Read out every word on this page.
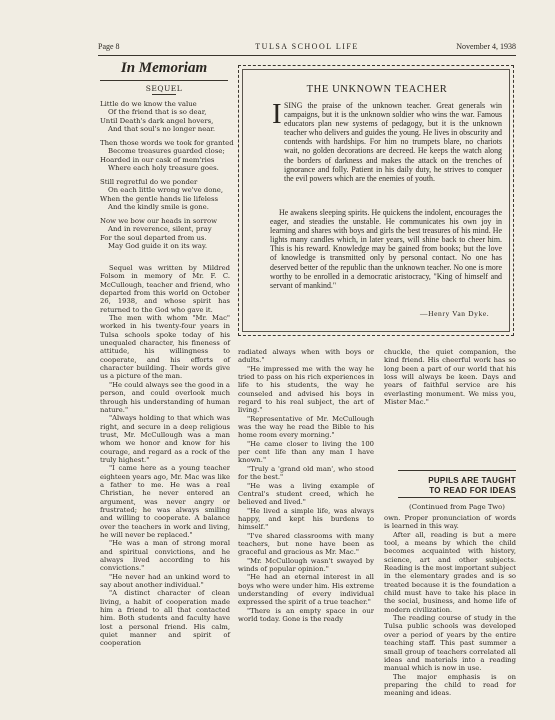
Page 8	TULSA SCHOOL LIFE	November 4, 1938
In Memoriam
SEQUEL
Little do we know the value
Of the friend that is so dear,
Until Death's dark angel hovers,
And that soul's no longer near.
Then those words we took for granted
Become treasures guarded close;
Hoarded in our cask of mem'ries
Where each holy treasure goes.
Still regretful do we ponder
On each little wrong we've done,
When the gentle hands lie lifeless
And the kindly smile is gone.
Now we bow our heads in sorrow
And in reverence, silent, pray
For the soul departed from us.
May God guide it on its way.

Sequel was written by Mildred Folsom in memory of Mr. F. C. McCullough, teacher and friend, who departed from this world on October 26, 1938, and whose spirit has returned to the God who gave it.

The men with whom "Mr. Mac" worked in his twenty-four years in Tulsa schools spoke today of his unequaled character, his fineness of attitude, his willingness to cooperate, and his efforts of character building. Their words give us a picture of the man.

"He could always see the good in a person, and could overlook much through his understanding of human nature."

"Always holding to that which was right, and secure in a deep religious trust, Mr. McCullough was a man whom we honor and know for his courage, and regard as a rock of the truly highest."

"I came here as a young teacher eighteen years ago, Mr. Mac was like a father to me. He was a real Christian, he never entered an argument, was never angry or frustrated; he was always smiling and willing to cooperate. A balance over the teachers in work and living, he will never be replaced."

"He was a man of strong moral and spiritual convictions, and he always lived according to his convictions."

"He never had an unkind word to say about another individual."

"A distinct character of clean living, a habit of cooperation made him a friend to all that contacted him. Both students and faculty have lost a personal friend. His calm, quiet manner and spirit of cooperation

THE UNKNOWN TEACHER
I SING the praise of the unknown teacher. Great generals win campaigns, but it is the unknown soldier who wins the war. Famous educators plan new systems of pedagogy, but it is the unknown teacher who delivers and guides the young. He lives in obscurity and contends with hardships. For him no trumpets blare, no chariots wait, no golden decorations are decreed. He keeps the watch along the borders of darkness and makes the attack on the trenches of ignorance and folly. Patient in his daily duty, he strives to conquer the evil powers which are the enemies of youth.

He awakens sleeping spirits. He quickens the indolent, encourages the eager, and steadies the unstable. He communicates his own joy in learning and shares with boys and girls the best treasures of his mind. He lights many candles which, in later years, will shine back to cheer him. This is his reward. Knowledge may be gained from books; but the love of knowledge is transmitted only by personal contact. No one has deserved better of the republic than the unknown teacher. No one is more worthy to be enrolled in a democratic aristocracy, "King of himself and servant of mankind."

—Henry Van Dyke.

radiated always when with boys or adults."

"He impressed me with the way he tried to pass on his rich experiences in life to his students, the way he counseled and advised his boys in regard to his real subject, the art of living."

"Representative of Mr. McCullough was the way he read the Bible to his home room every morning."

"He came closer to living the 100 per cent life than any man I have known."

"Truly a 'grand old man', who stood for the best."

"He was a living example of Central's student creed, which he believed and lived."

"He lived a simple life, was always happy, and kept his burdens to himself."

"I've shared classrooms with many teachers, but none have been as graceful and gracious as Mr. Mac."

"Mr. McCullough wasn't swayed by winds of popular opinion."

"He had an eternal interest in all boys who were under him. His extreme understanding of every individual expressed the spirit of a true teacher."

"There is an empty space in our world today. Gone is the ready

chuckle, the quiet companion, the kind friend. His cheerful work has so long been a part of our world that his loss will always be keen. Days and years of faithful service are his everlasting monument. We miss you, Mister Mac."

PUPILS ARE TAUGHT
TO READ FOR IDEAS
(Continued from Page Two)

own. Proper pronunciation of words is learned in this way.

After all, reading is but a mere tool, a means by which the child becomes acquainted with history, science, art and other subjects. Reading is the most important subject in the elementary grades and is so treated because it is the foundation a child must have to take his place in the social, business, and home life of modern civilization.

The reading course of study in the Tulsa public schools was developed over a period of years by the entire teaching staff. This past summer a small group of teachers correlated all ideas and materials into a reading manual which is now in use.

The major emphasis is on preparing the child to read for meaning and ideas.
